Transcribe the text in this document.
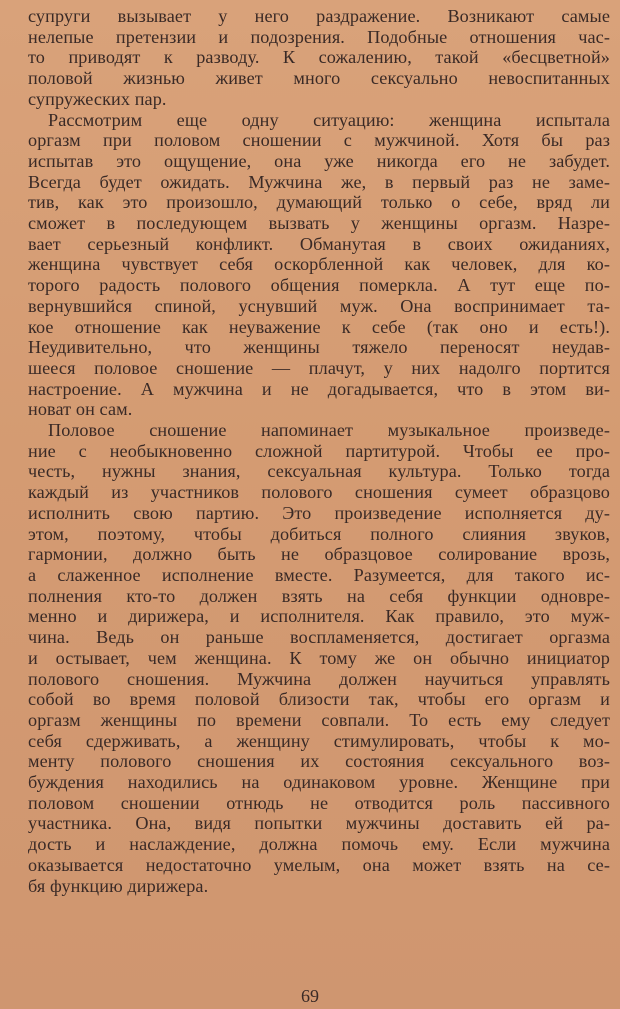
супруги вызывает у него раздражение. Возникают самые
нелепые претензии и подозрения. Подобные отношения час-
то приводят к разводу. К сожалению, такой «бесцветной»
половой жизнью живет много сексуально невоспитанных
супружеских пар.

Рассмотрим еще одну ситуацию: женщина испытала
оргазм при половом сношении с мужчиной. Хотя бы раз
испытав это ощущение, она уже никогда его не забудет.
Всегда будет ожидать. Мужчина же, в первый раз не заме-
тив, как это произошло, думающий только о себе, вряд ли
сможет в последующем вызвать у женщины оргазм. Назре-
вает серьезный конфликт. Обманутая в своих ожиданиях,
женщина чувствует себя оскорбленной как человек, для ко-
торого радость полового общения померкла. А тут еще по-
вернувшийся спиной, уснувший муж. Она воспринимает та-
кое отношение как неуважение к себе (так оно и есть!).
Неудивительно, что женщины тяжело переносят неудав-
шееся половое сношение — плачут, у них надолго портится
настроение. А мужчина и не догадывается, что в этом ви-
новат он сам.

Половое сношение напоминает музыкальное произведе-
ние с необыкновенно сложной партитурой. Чтобы ее про-
честь, нужны знания, сексуальная культура. Только тогда
каждый из участников полового сношения сумеет образцово
исполнить свою партию. Это произведение исполняется ду-
этом, поэтому, чтобы добиться полного слияния звуков,
гармонии, должно быть не образцовое солирование врозь,
а слаженное исполнение вместе. Разумеется, для такого ис-
полнения кто-то должен взять на себя функции одновре-
менно и дирижера, и исполнителя. Как правило, это муж-
чина. Ведь он раньше воспламеняется, достигает оргазма
и остывает, чем женщина. К тому же он обычно инициатор
полового сношения. Мужчина должен научиться управлять
собой во время половой близости так, чтобы его оргазм и
оргазм женщины по времени совпали. То есть ему следует
себя сдерживать, а женщину стимулировать, чтобы к мо-
менту полового сношения их состояния сексуального воз-
буждения находились на одинаковом уровне. Женщине при
половом сношении отнюдь не отводится роль пассивного
участника. Она, видя попытки мужчины доставить ей ра-
дость и наслаждение, должна помочь ему. Если мужчина
оказывается недостаточно умелым, она может взять на се-
бя функцию дирижера.

69
